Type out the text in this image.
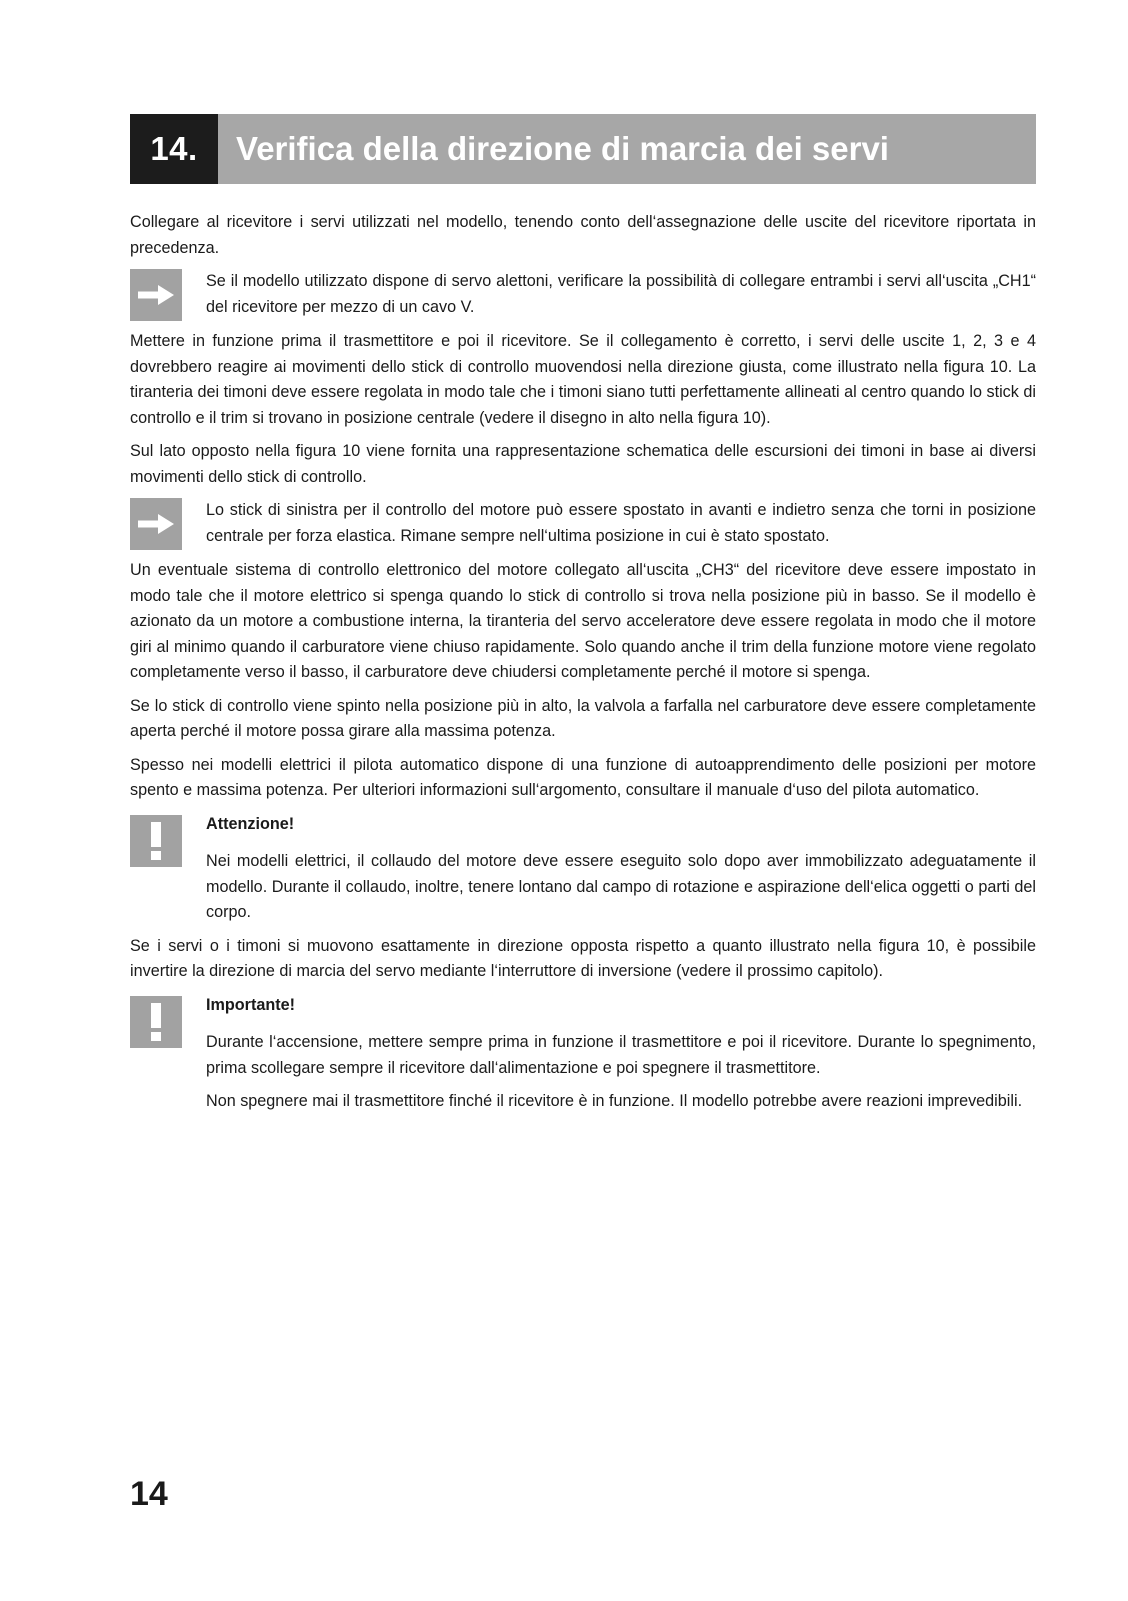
14.	Verifica della direzione di marcia dei servi

Collegare al ricevitore i servi utilizzati nel modello, tenendo conto dell‘assegnazione delle uscite del ricevitore riportata in precedenza.

Se il modello utilizzato dispone di servo alettoni, verificare la possibilità di collegare entrambi i servi all‘uscita „CH1“ del ricevitore per mezzo di un cavo V.

Mettere in funzione prima il trasmettitore e poi il ricevitore. Se il collegamento è corretto, i servi delle uscite 1, 2, 3 e 4 dovrebbero reagire ai movimenti dello stick di controllo muovendosi nella direzione giusta, come illustrato nella figura 10. La tiranteria dei timoni deve essere regolata in modo tale che i timoni siano tutti perfettamente allineati al centro quando lo stick di controllo e il trim si trovano in posizione centrale (vedere il disegno in alto nella figura 10).

Sul lato opposto nella figura 10 viene fornita una rappresentazione schematica delle escursioni dei timoni in base ai diversi movimenti dello stick di controllo.

Lo stick di sinistra per il controllo del motore può essere spostato in avanti e indietro senza che torni in posizione centrale per forza elastica. Rimane sempre nell‘ultima posizione in cui è stato spostato.

Un eventuale sistema di controllo elettronico del motore collegato all‘uscita „CH3“ del ricevitore deve essere impostato in modo tale che il motore elettrico si spenga quando lo stick di controllo si trova nella posizione più in basso. Se il modello è azionato da un motore a combustione interna, la tiranteria del servo acceleratore deve essere regolata in modo che il motore giri al minimo quando il carburatore viene chiuso rapidamente. Solo quando anche il trim della funzione motore viene regolato completamente verso il basso, il carburatore deve chiudersi completamente perché il motore si spenga.

Se lo stick di controllo viene spinto nella posizione più in alto, la valvola a farfalla nel carburatore deve essere completamente aperta perché il motore possa girare alla massima potenza.

Spesso nei modelli elettrici il pilota automatico dispone di una funzione di autoapprendimento delle posizioni per motore spento e massima potenza. Per ulteriori informazioni sull‘argomento, consultare il manuale d‘uso del pilota automatico.

Attenzione!

Nei modelli elettrici, il collaudo del motore deve essere eseguito solo dopo aver immobilizzato adeguatamente il modello. Durante il collaudo, inoltre, tenere lontano dal campo di rotazione e aspirazione dell‘elica oggetti o parti del corpo.

Se i servi o i timoni si muovono esattamente in direzione opposta rispetto a quanto illustrato nella figura 10, è possibile invertire la direzione di marcia del servo mediante l‘interruttore di inversione (vedere il prossimo capitolo).

Importante!

Durante l‘accensione, mettere sempre prima in funzione il trasmettitore e poi il ricevitore. Durante lo spegnimento, prima scollegare sempre il ricevitore dall‘alimentazione e poi spegnere il trasmettitore.

Non spegnere mai il trasmettitore finché il ricevitore è in funzione. Il modello potrebbe avere reazioni imprevedibili.

14
